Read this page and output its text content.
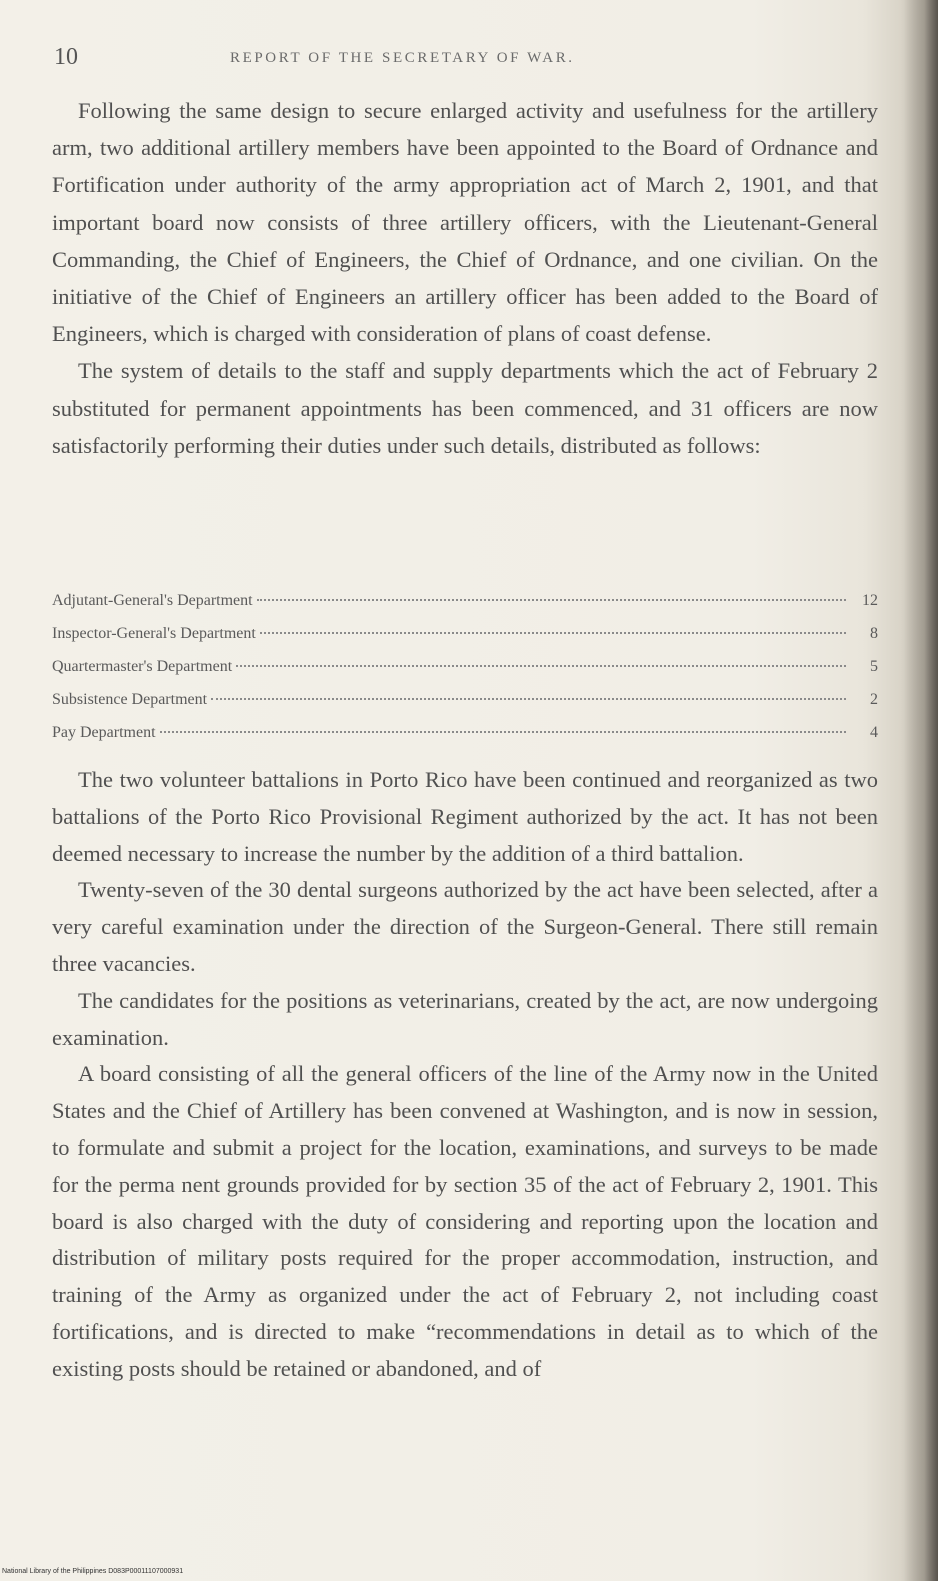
10	REPORT OF THE SECRETARY OF WAR.

Following the same design to secure enlarged activity and usefulness for the artillery arm, two additional artillery members have been appointed to the Board of Ordnance and Fortification under authority of the army appropriation act of March 2, 1901, and that important board now consists of three artillery officers, with the Lieutenant-General Commanding, the Chief of Engineers, the Chief of Ordnance, and one civilian. On the initiative of the Chief of Engineers an artillery officer has been added to the Board of Engineers, which is charged with consideration of plans of coast defense.

The system of details to the staff and supply departments which the act of February 2 substituted for permanent appointments has been commenced, and 31 officers are now satisfactorily performing their duties under such details, distributed as follows:

Adjutant-General's Department	12
Inspector-General's Department	8
Quartermaster's Department	5
Subsistence Department	2
Pay Department	4

The two volunteer battalions in Porto Rico have been continued and reorganized as two battalions of the Porto Rico Provisional Regiment authorized by the act. It has not been deemed necessary to increase the number by the addition of a third battalion.

Twenty-seven of the 30 dental surgeons authorized by the act have been selected, after a very careful examination under the direction of the Surgeon-General. There still remain three vacancies.

The candidates for the positions as veterinarians, created by the act, are now undergoing examination.

A board consisting of all the general officers of the line of the Army now in the United States and the Chief of Artillery has been convened at Washington, and is now in session, to formulate and submit a project for the location, examinations, and surveys to be made for the perma nent grounds provided for by section 35 of the act of February 2, 1901. This board is also charged with the duty of considering and reporting upon the location and distribution of military posts required for the proper accommodation, instruction, and training of the Army as organized under the act of February 2, not including coast fortifications, and is directed to make “recommendations in detail as to which of the existing posts should be retained or abandoned, and of

National Library of the Philippines D083P00011107000931
